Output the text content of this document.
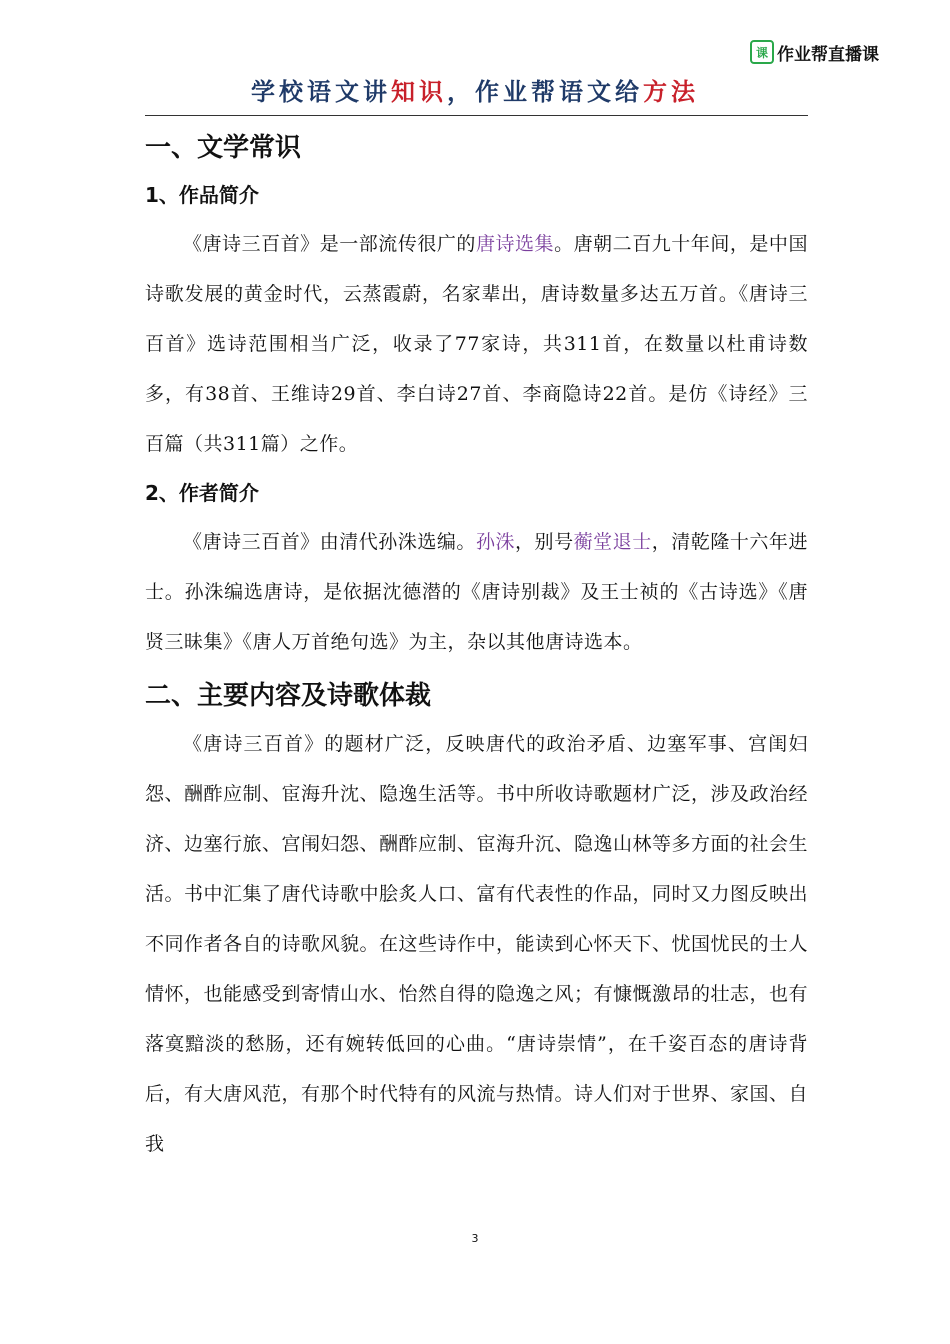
课 作业帮直播课
学校语文讲知识，作业帮语文给方法
一、文学常识
1、作品简介

《唐诗三百首》是一部流传很广的唐诗选集。唐朝二百九十年间，是中国诗歌发展的黄金时代，云蒸霞蔚，名家辈出，唐诗数量多达五万首。《唐诗三百首》选诗范围相当广泛，收录了77家诗，共311首，在数量以杜甫诗数多，有38首、王维诗29首、李白诗27首、李商隐诗22首。是仿《诗经》三百篇（共311篇）之作。

2、作者简介

《唐诗三百首》由清代孙洙选编。孙洙，别号蘅堂退士，清乾隆十六年进士。孙洙编选唐诗，是依据沈德潜的《唐诗别裁》及王士祯的《古诗选》《唐贤三昧集》《唐人万首绝句选》为主，杂以其他唐诗选本。

二、主要内容及诗歌体裁

《唐诗三百首》的题材广泛，反映唐代的政治矛盾、边塞军事、宫闺妇怨、酬酢应制、宦海升沈、隐逸生活等。书中所收诗歌题材广泛，涉及政治经济、边塞行旅、宫闱妇怨、酬酢应制、宦海升沉、隐逸山林等多方面的社会生活。书中汇集了唐代诗歌中脍炙人口、富有代表性的作品，同时又力图反映出不同作者各自的诗歌风貌。在这些诗作中，能读到心怀天下、忧国忧民的士人情怀，也能感受到寄情山水、怡然自得的隐逸之风；有慷慨激昂的壮志，也有落寞黯淡的愁肠，还有婉转低回的心曲。“唐诗崇情”，在千姿百态的唐诗背后，有大唐风范，有那个时代特有的风流与热情。诗人们对于世界、家国、自我

3
